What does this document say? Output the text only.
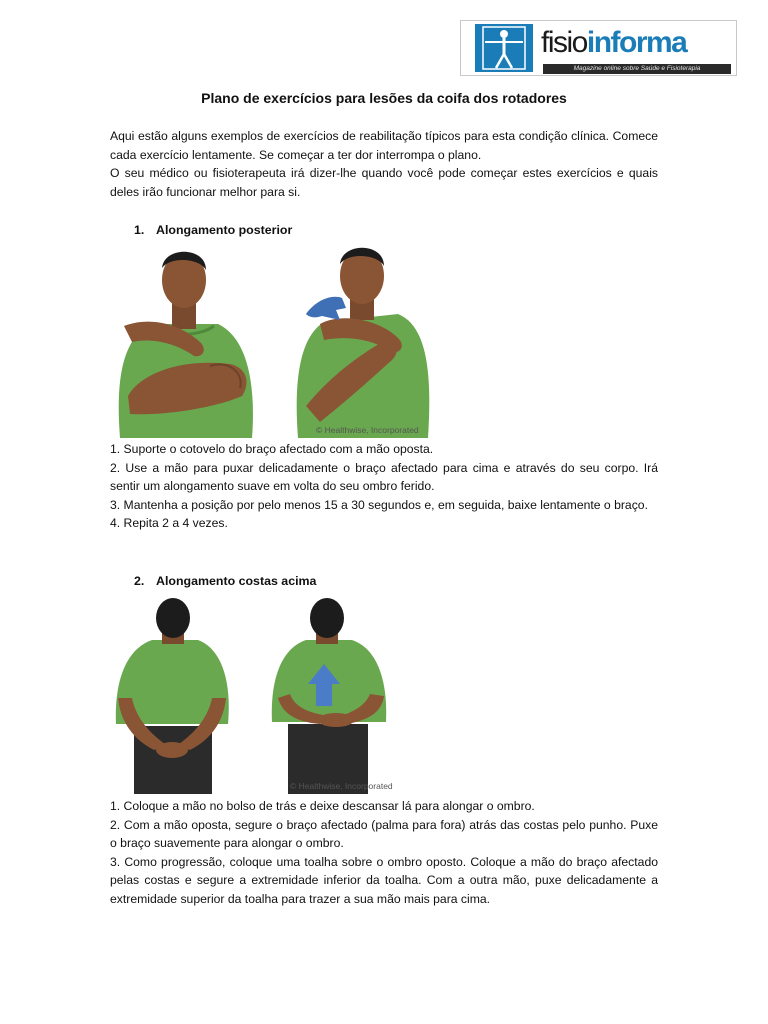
fisioinforma
Magazine online sobre Saúde e Fisioterapia
Plano de exercícios para lesões da coifa dos rotadores

Aqui estão alguns exemplos de exercícios de reabilitação típicos para esta condição clínica. Comece cada exercício lentamente. Se começar a ter dor interrompa o plano.

O seu médico ou fisioterapeuta irá dizer-lhe quando você pode começar estes exercícios e quais deles irão funcionar melhor para si.

1. Alongamento posterior
© Healthwise, Incorporated

1. Suporte o cotovelo do braço afectado com a mão oposta.

2. Use a mão para puxar delicadamente o braço afectado para cima e através do seu corpo. Irá sentir um alongamento suave em volta do seu ombro ferido.

3. Mantenha a posição por pelo menos 15 a 30 segundos e, em seguida, baixe lentamente o braço.

4. Repita 2 a 4 vezes.

2. Alongamento costas acima
© Healthwise, Incorporated

1. Coloque a mão no bolso de trás e deixe descansar lá para alongar o ombro.

2. Com a mão oposta, segure o braço afectado (palma para fora) atrás das costas pelo punho. Puxe o braço suavemente para alongar o ombro.

3. Como progressão, coloque uma toalha sobre o ombro oposto. Coloque a mão do braço afectado pelas costas e segure a extremidade inferior da toalha. Com a outra mão, puxe delicadamente a extremidade superior da toalha para trazer a sua mão mais para cima.
